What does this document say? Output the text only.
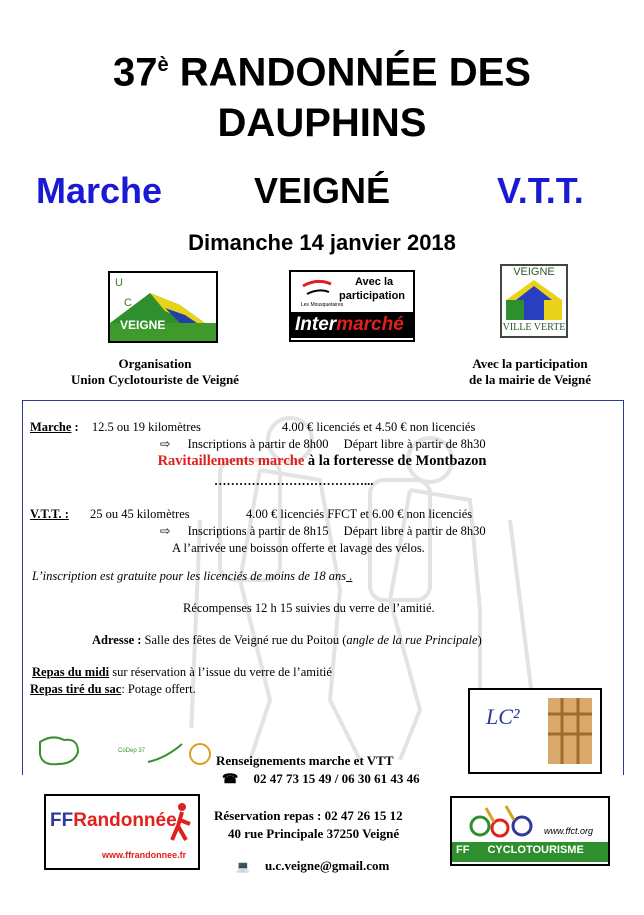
$37^è$ RANDONNÉE DES
DAUPHINS
Marche	VEIGNÉ	V.T.T.
Dimanche 14 janvier 2018
U
C
VEIGNE
Avec la
participation
Les Mousquetaires
Intermarché
VEIGNE
VILLE VERTE
Organisation
Union Cyclotouriste de Veigné
Avec la participation
de la mairie de Veigné
Marche : 12.5 ou 19 kilomètres	4.00 € licenciés et 4.50 € non licenciés
⇨ Inscriptions à partir de 8h00 Départ libre à partir de 8h30
Ravitaillements marche à la forteresse de Montbazon
………………………………...
V.T.T. : 25 ou 45 kilomètres	4.00 € licenciés FFCT et 6.00 € non licenciés
⇨ Inscriptions à partir de 8h15 Départ libre à partir de 8h30
A l’arrivée une boisson offerte et lavage des vélos.
L’inscription est gratuite pour les licenciés de moins de 18 ans .
Récompenses 12 h 15 suivies du verre de l’amitié.
Adresse : Salle des fêtes de Veigné rue du Poitou (angle de la rue Principale)
Repas du midi sur réservation à l’issue du verre de l’amitié
Repas tiré du sac: Potage offert.
CoDep 37
LC²
Renseignements marche et VTT
☎ 02 47 73 15 49 / 06 30 61 43 46
FFRandonnée
www.ffrandonnee.fr
Réservation repas : 02 47 26 15 12
40 rue Principale 37250 Veigné	www.ffct.org
FF CYCLOTOURISME
💻 u.c.veigne@gmail.com
